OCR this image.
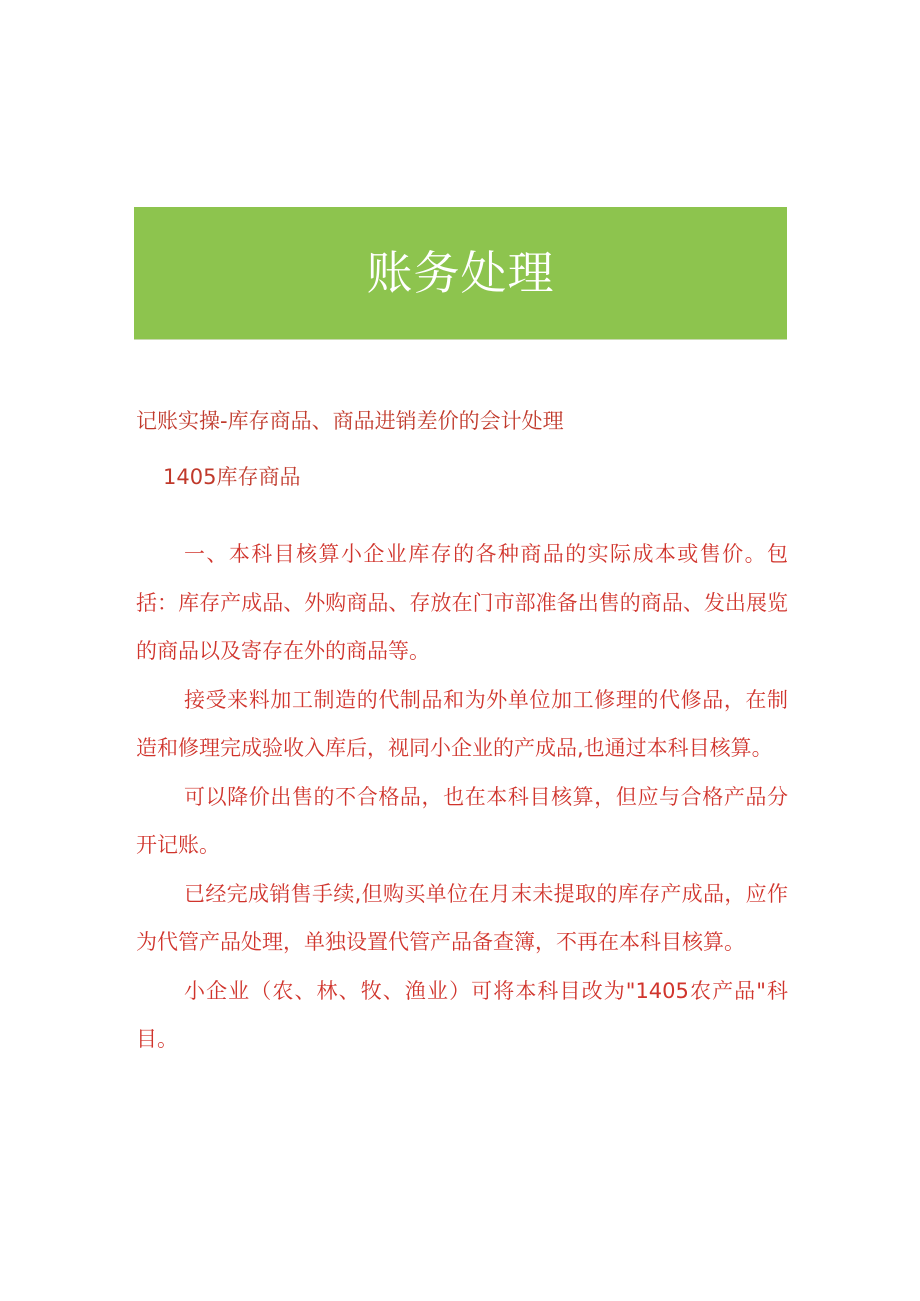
账务处理
记账实操-库存商品、商品进销差价的会计处理
1405库存商品

一、本科目核算小企业库存的各种商品的实际成本或售价。包括：库存产成品、外购商品、存放在门市部准备出售的商品、发出展览的商品以及寄存在外的商品等。

接受来料加工制造的代制品和为外单位加工修理的代修品，在制造和修理完成验收入库后，视同小企业的产成品,也通过本科目核算。

可以降价出售的不合格品，也在本科目核算，但应与合格产品分开记账。

已经完成销售手续,但购买单位在月末未提取的库存产成品，应作为代管产品处理，单独设置代管产品备查簿，不再在本科目核算。

小企业（农、林、牧、渔业）可将本科目改为"1405农产品"科目。
